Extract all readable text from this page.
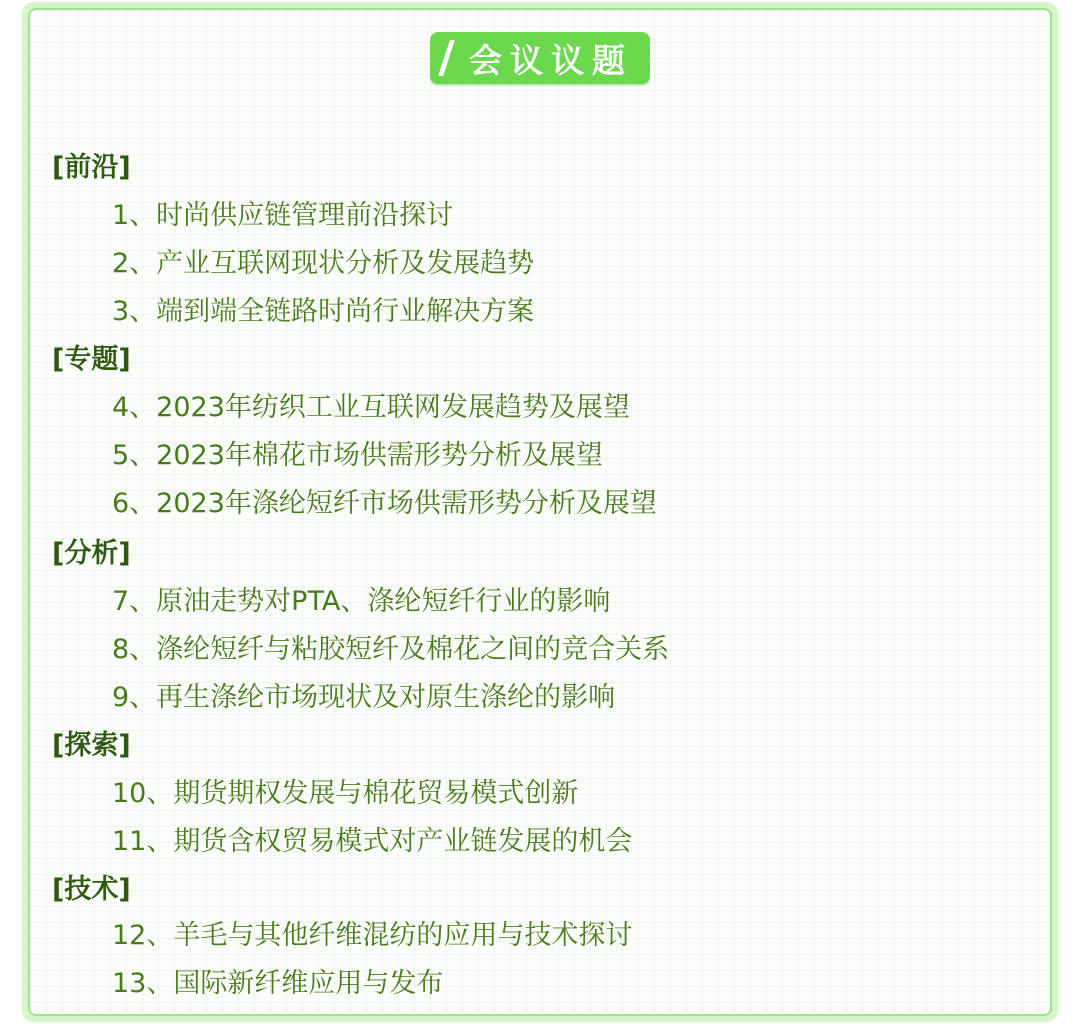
会议议题
[前沿]
1、时尚供应链管理前沿探讨
2、产业互联网现状分析及发展趋势
3、端到端全链路时尚行业解决方案
[专题]
4、2023年纺织工业互联网发展趋势及展望
5、2023年棉花市场供需形势分析及展望
6、2023年涤纶短纤市场供需形势分析及展望
[分析]
7、原油走势对PTA、涤纶短纤行业的影响
8、涤纶短纤与粘胶短纤及棉花之间的竞合关系
9、再生涤纶市场现状及对原生涤纶的影响
[探索]
10、期货期权发展与棉花贸易模式创新
11、期货含权贸易模式对产业链发展的机会
[技术]
12、羊毛与其他纤维混纺的应用与技术探讨
13、国际新纤维应用与发布
